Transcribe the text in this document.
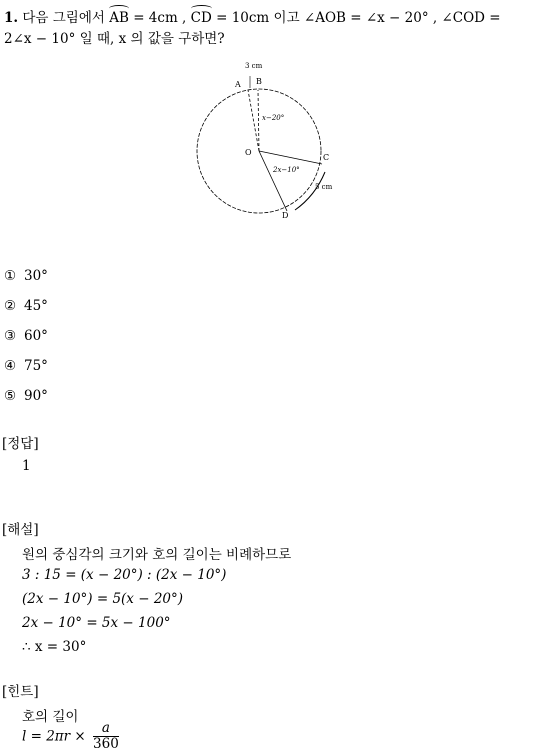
1. 다음 그림에서 AB = 4cm , CD = 10cm 이고 ∠AOB = ∠x − 20° , ∠COD =
2∠x − 10° 일 때, x 의 값을 구하면?
3 cm
A B
O
C
D
x−20°
2x−10°
5 cm
① 30°
② 45°
③ 60°
④ 75°
⑤ 90°
[정답]
1
[해설]
원의 중심각의 크기와 호의 길이는 비례하므로
3 : 15 = (x − 20°) : (2x − 10°)
(2x − 10°) = 5(x − 20°)
2x − 10° = 5x − 100°
∴ x = 30°
[힌트]
호의 길이
$l = 2\pi r \times \frac{a}{360}$
